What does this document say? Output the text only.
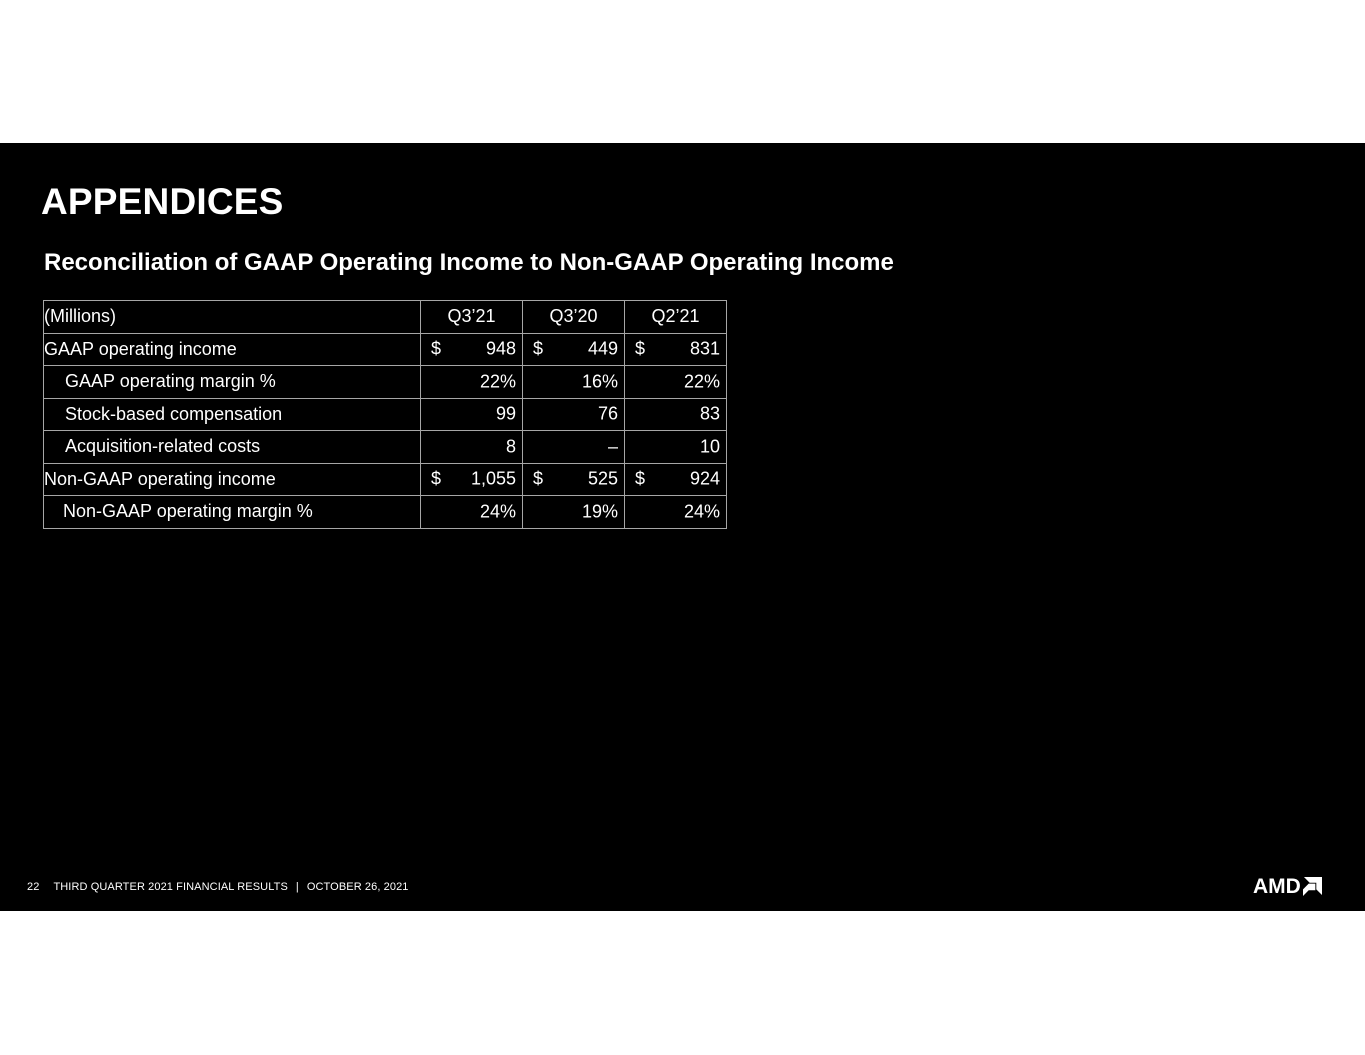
APPENDICES
Reconciliation of GAAP Operating Income to Non-GAAP Operating Income
(Millions)	Q3’21	Q3’20	Q2’21
GAAP operating income	$ 948	$ 449	$ 831

GAAP operating margin %	22%	16%	22%

Stock-based compensation	99	76	83

Acquisition-related costs	8	–	10

Non-GAAP operating income	$ 1,055	$ 525	$ 924

Non-GAAP operating margin %	24%	19%	24%
22 THIRD QUARTER 2021 FINANCIAL RESULTS | OCTOBER 26, 2021	AMD
